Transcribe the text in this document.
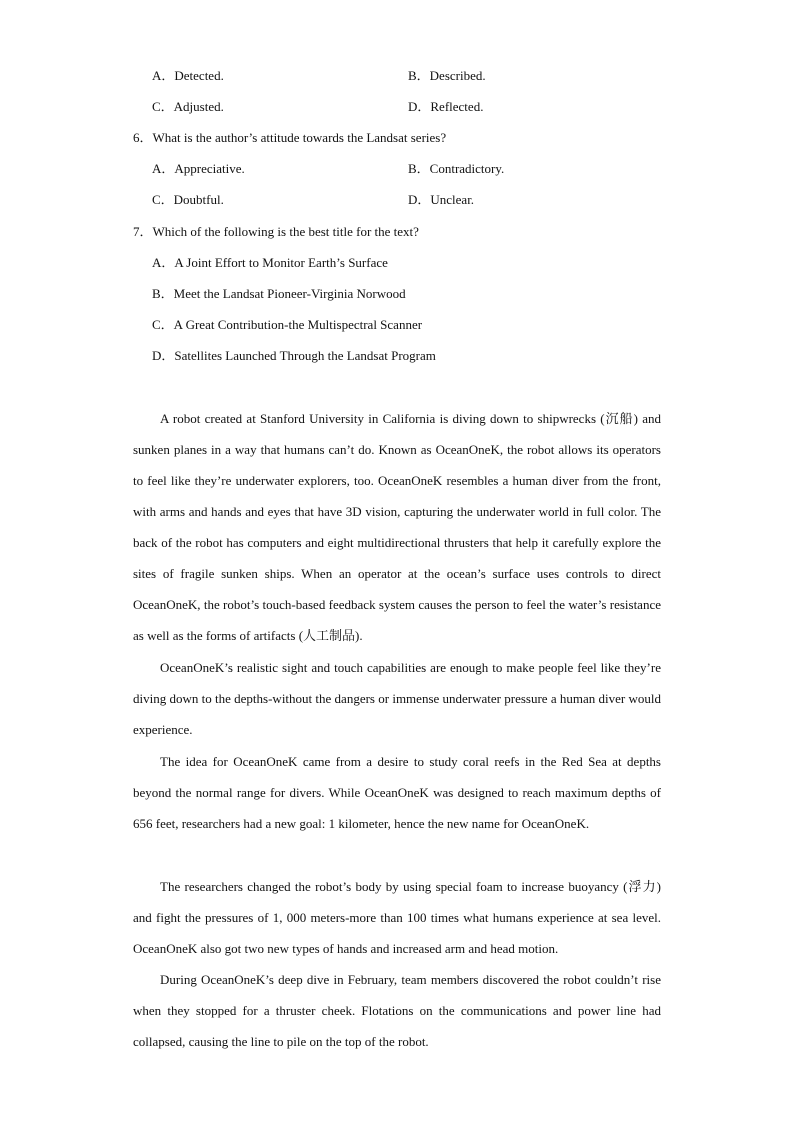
A．Detected.	B．Described.
C．Adjusted.	D．Reflected.
6．What is the author’s attitude towards the Landsat series?
A．Appreciative.	B．Contradictory.
C．Doubtful.	D．Unclear.
7．Which of the following is the best title for the text?
A．A Joint Effort to Monitor Earth’s Surface
B．Meet the Landsat Pioneer-Virginia Norwood
C．A Great Contribution-the Multispectral Scanner
D．Satellites Launched Through the Landsat Program
A robot created at Stanford University in California is diving down to shipwrecks (沉船) and sunken planes in a way that humans can’t do. Known as OceanOneK, the robot allows its operators to feel like they’re underwater explorers, too. OceanOneK resembles a human diver from the front, with arms and hands and eyes that have 3D vision, capturing the underwater world in full color. The back of the robot has computers and eight multidirectional thrusters that help it carefully explore the sites of fragile sunken ships. When an operator at the ocean’s surface uses controls to direct OceanOneK, the robot’s touch-based feedback system causes the person to feel the water’s resistance as well as the forms of artifacts (人工制品).
OceanOneK’s realistic sight and touch capabilities are enough to make people feel like they’re diving down to the depths-without the dangers or immense underwater pressure a human diver would experience.
The idea for OceanOneK came from a desire to study coral reefs in the Red Sea at depths beyond the normal range for divers. While OceanOneK was designed to reach maximum depths of 656 feet, researchers had a new goal: 1 kilometer, hence the new name for OceanOneK.
The researchers changed the robot’s body by using special foam to increase buoyancy (浮力) and fight the pressures of 1, 000 meters-more than 100 times what humans experience at sea level. OceanOneK also got two new types of hands and increased arm and head motion.
During OceanOneK’s deep dive in February, team members discovered the robot couldn’t rise when they stopped for a thruster cheek. Flotations on the communications and power line had collapsed, causing the line to pile on the top of the robot.
